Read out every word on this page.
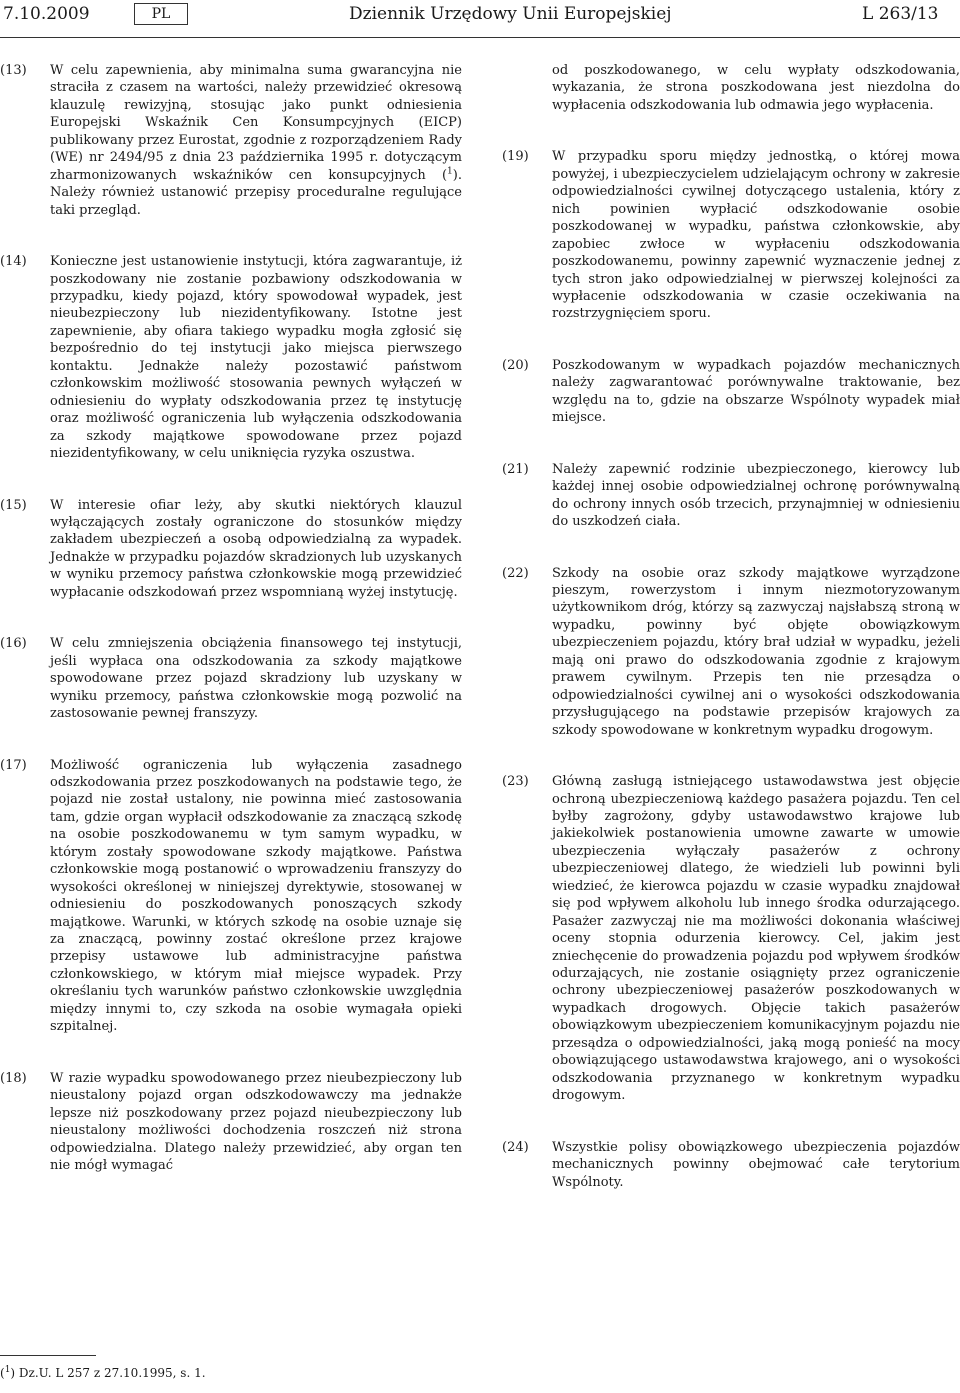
7.10.2009	PL	Dziennik Urzędowy Unii Europejskiej	L 263/13
(13) W celu zapewnienia, aby minimalna suma gwarancyjna nie straciła z czasem na wartości, należy przewidzieć okresową klauzulę rewizyjną, stosując jako punkt odniesienia Europejski Wskaźnik Cen Konsumpcyjnych (EICP) publikowany przez Eurostat, zgodnie z rozporządzeniem Rady (WE) nr 2494/95 z dnia 23 października 1995 r. dotyczącym zharmonizowanych wskaźników cen konsupcyjnych ($^1$). Należy również ustanowić przepisy proceduralne regulujące taki przegląd.
(14) Konieczne jest ustanowienie instytucji, która zagwarantuje, iż poszkodowany nie zostanie pozbawiony odszkodowania w przypadku, kiedy pojazd, który spowodował wypadek, jest nieubezpieczony lub niezidentyfikowany. Istotne jest zapewnienie, aby ofiara takiego wypadku mogła zgłosić się bezpośrednio do tej instytucji jako miejsca pierwszego kontaktu. Jednakże należy pozostawić państwom członkowskim możliwość stosowania pewnych wyłączeń w odniesieniu do wypłaty odszkodowania przez tę instytucję oraz możliwość ograniczenia lub wyłączenia odszkodowania za szkody majątkowe spowodowane przez pojazd niezidentyfikowany, w celu uniknięcia ryzyka oszustwa.
(15) W interesie ofiar leży, aby skutki niektórych klauzul wyłączających zostały ograniczone do stosunków między zakładem ubezpieczeń a osobą odpowiedzialną za wypadek. Jednakże w przypadku pojazdów skradzionych lub uzyskanych w wyniku przemocy państwa członkowskie mogą przewidzieć wypłacanie odszkodowań przez wspomnianą wyżej instytucję.
(16) W celu zmniejszenia obciążenia finansowego tej instytucji, jeśli wypłaca ona odszkodowania za szkody majątkowe spowodowane przez pojazd skradziony lub uzyskany w wyniku przemocy, państwa członkowskie mogą pozwolić na zastosowanie pewnej franszyzy.
(17) Możliwość ograniczenia lub wyłączenia zasadnego odszkodowania przez poszkodowanych na podstawie tego, że pojazd nie został ustalony, nie powinna mieć zastosowania tam, gdzie organ wypłacił odszkodowanie za znaczącą szkodę na osobie poszkodowanemu w tym samym wypadku, w którym zostały spowodowane szkody majątkowe. Państwa członkowskie mogą postanowić o wprowadzeniu franszyzy do wysokości określonej w niniejszej dyrektywie, stosowanej w odniesieniu do poszkodowanych ponoszących szkody majątkowe. Warunki, w których szkodę na osobie uznaje się za znaczącą, powinny zostać określone przez krajowe przepisy ustawowe lub administracyjne państwa członkowskiego, w którym miał miejsce wypadek. Przy określaniu tych warunków państwo członkowskie uwzględnia między innymi to, czy szkoda na osobie wymagała opieki szpitalnej.
(18) W razie wypadku spowodowanego przez nieubezpieczony lub nieustalony pojazd organ odszkodowawczy ma jednakże lepsze niż poszkodowany przez pojazd nieubezpieczony lub nieustalony możliwości dochodzenia roszczeń niż strona odpowiedzialna. Dlatego należy przewidzieć, aby organ ten nie mógł wymagać
od poszkodowanego, w celu wypłaty odszkodowania, wykazania, że strona poszkodowana jest niezdolna do wypłacenia odszkodowania lub odmawia jego wypłacenia.
(19) W przypadku sporu między jednostką, o której mowa powyżej, i ubezpieczycielem udzielającym ochrony w zakresie odpowiedzialności cywilnej dotyczącego ustalenia, który z nich powinien wypłacić odszkodowanie osobie poszkodowanej w wypadku, państwa członkowskie, aby zapobiec zwłoce w wypłaceniu odszkodowania poszkodowanemu, powinny zapewnić wyznaczenie jednej z tych stron jako odpowiedzialnej w pierwszej kolejności za wypłacenie odszkodowania w czasie oczekiwania na rozstrzygnięciem sporu.
(20) Poszkodowanym w wypadkach pojazdów mechanicznych należy zagwarantować porównywalne traktowanie, bez względu na to, gdzie na obszarze Wspólnoty wypadek miał miejsce.
(21) Należy zapewnić rodzinie ubezpieczonego, kierowcy lub każdej innej osobie odpowiedzialnej ochronę porównywalną do ochrony innych osób trzecich, przynajmniej w odniesieniu do uszkodzeń ciała.
(22) Szkody na osobie oraz szkody majątkowe wyrządzone pieszym, rowerzystom i innym niezmotoryzowanym użytkownikom dróg, którzy są zazwyczaj najsłabszą stroną w wypadku, powinny być objęte obowiązkowym ubezpieczeniem pojazdu, który brał udział w wypadku, jeżeli mają oni prawo do odszkodowania zgodnie z krajowym prawem cywilnym. Przepis ten nie przesądza o odpowiedzialności cywilnej ani o wysokości odszkodowania przysługującego na podstawie przepisów krajowych za szkody spowodowane w konkretnym wypadku drogowym.
(23) Główną zasługą istniejącego ustawodawstwa jest objęcie ochroną ubezpieczeniową każdego pasażera pojazdu. Ten cel byłby zagrożony, gdyby ustawodawstwo krajowe lub jakiekolwiek postanowienia umowne zawarte w umowie ubezpieczenia wyłączały pasażerów z ochrony ubezpieczeniowej dlatego, że wiedzieli lub powinni byli wiedzieć, że kierowca pojazdu w czasie wypadku znajdował się pod wpływem alkoholu lub innego środka odurzającego. Pasażer zazwyczaj nie ma możliwości dokonania właściwej oceny stopnia odurzenia kierowcy. Cel, jakim jest zniechęcenie do prowadzenia pojazdu pod wpływem środków odurzających, nie zostanie osiągnięty przez ograniczenie ochrony ubezpieczeniowej pasażerów poszkodowanych w wypadkach drogowych. Objęcie takich pasażerów obowiązkowym ubezpieczeniem komunikacyjnym pojazdu nie przesądza o odpowiedzialności, jaką mogą ponieść na mocy obowiązującego ustawodawstwa krajowego, ani o wysokości odszkodowania przyznanego w konkretnym wypadku drogowym.
(24) Wszystkie polisy obowiązkowego ubezpieczenia pojazdów mechanicznych powinny obejmować całe terytorium Wspólnoty.
($^1$) Dz.U. L 257 z 27.10.1995, s. 1.
